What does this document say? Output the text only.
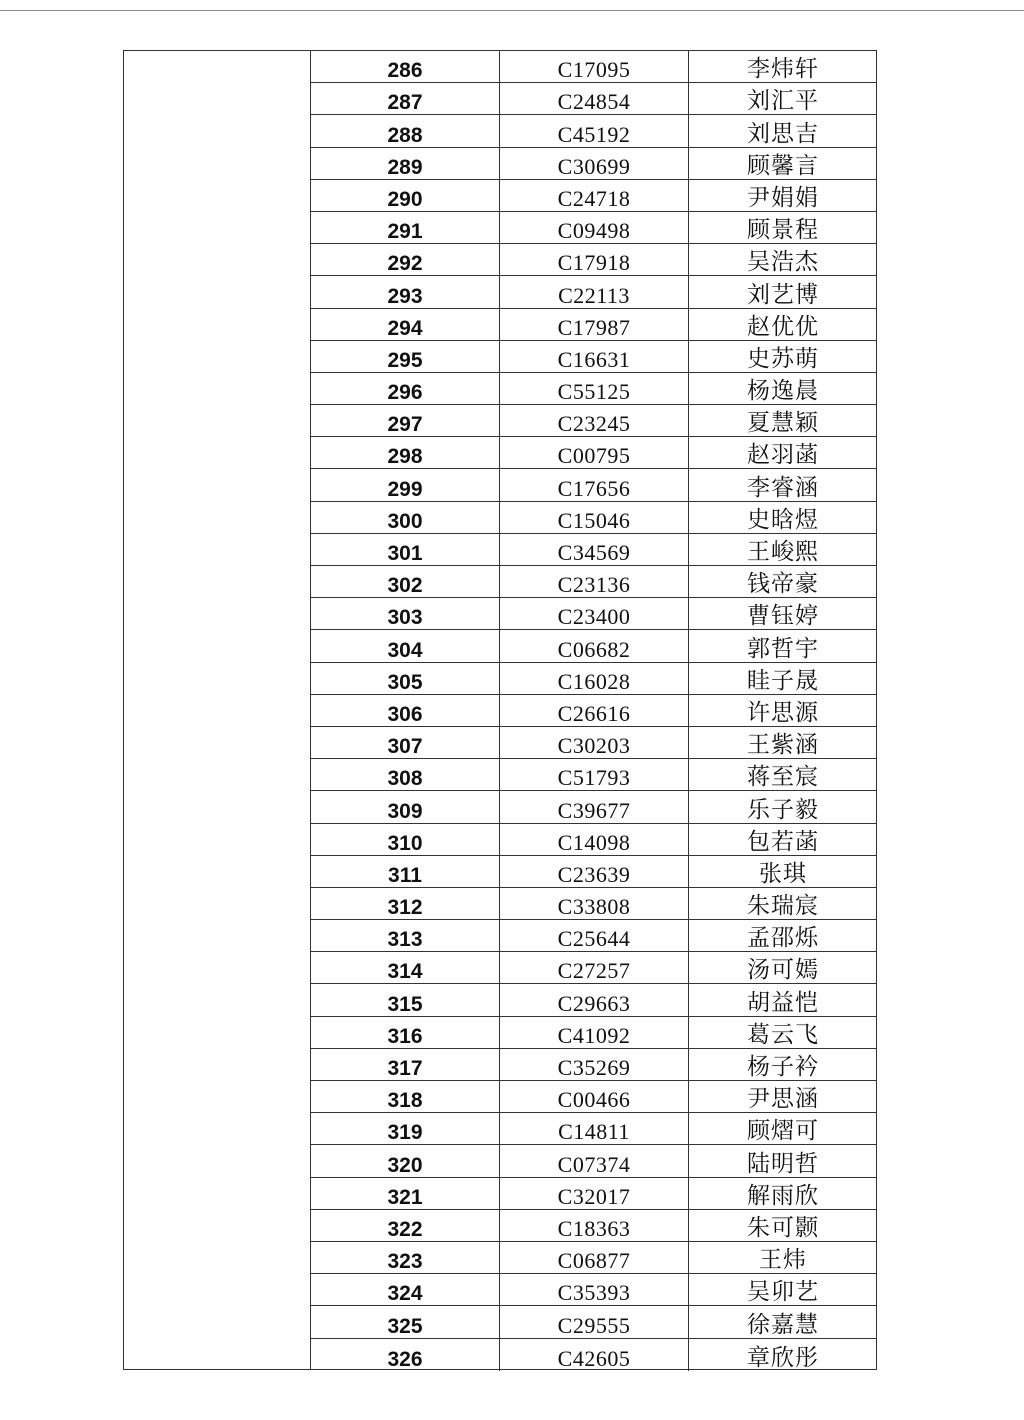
286	C17095	李炜轩
287	C24854	刘汇平
288	C45192	刘思吉
289	C30699	顾馨言
290	C24718	尹娟娟
291	C09498	顾景程
292	C17918	吴浩杰
293	C22113	刘艺博
294	C17987	赵优优
295	C16631	史苏萌
296	C55125	杨逸晨
297	C23245	夏慧颖
298	C00795	赵羽菡
299	C17656	李睿涵
300	C15046	史晗煜
301	C34569	王峻熙
302	C23136	钱帝豪
303	C23400	曹钰婷
304	C06682	郭哲宇
305	C16028	眭子晟
306	C26616	许思源
307	C30203	王紫涵
308	C51793	蒋至宸
309	C39677	乐子毅
310	C14098	包若菡
311	C23639	张琪
312	C33808	朱瑞宸
313	C25644	孟邵烁
314	C27257	汤可嫣
315	C29663	胡益恺
316	C41092	葛云飞
317	C35269	杨子衿
318	C00466	尹思涵
319	C14811	顾熠可
320	C07374	陆明哲
321	C32017	解雨欣
322	C18363	朱可颢
323	C06877	王炜
324	C35393	吴卯艺
325	C29555	徐嘉慧
326	C42605	章欣彤
